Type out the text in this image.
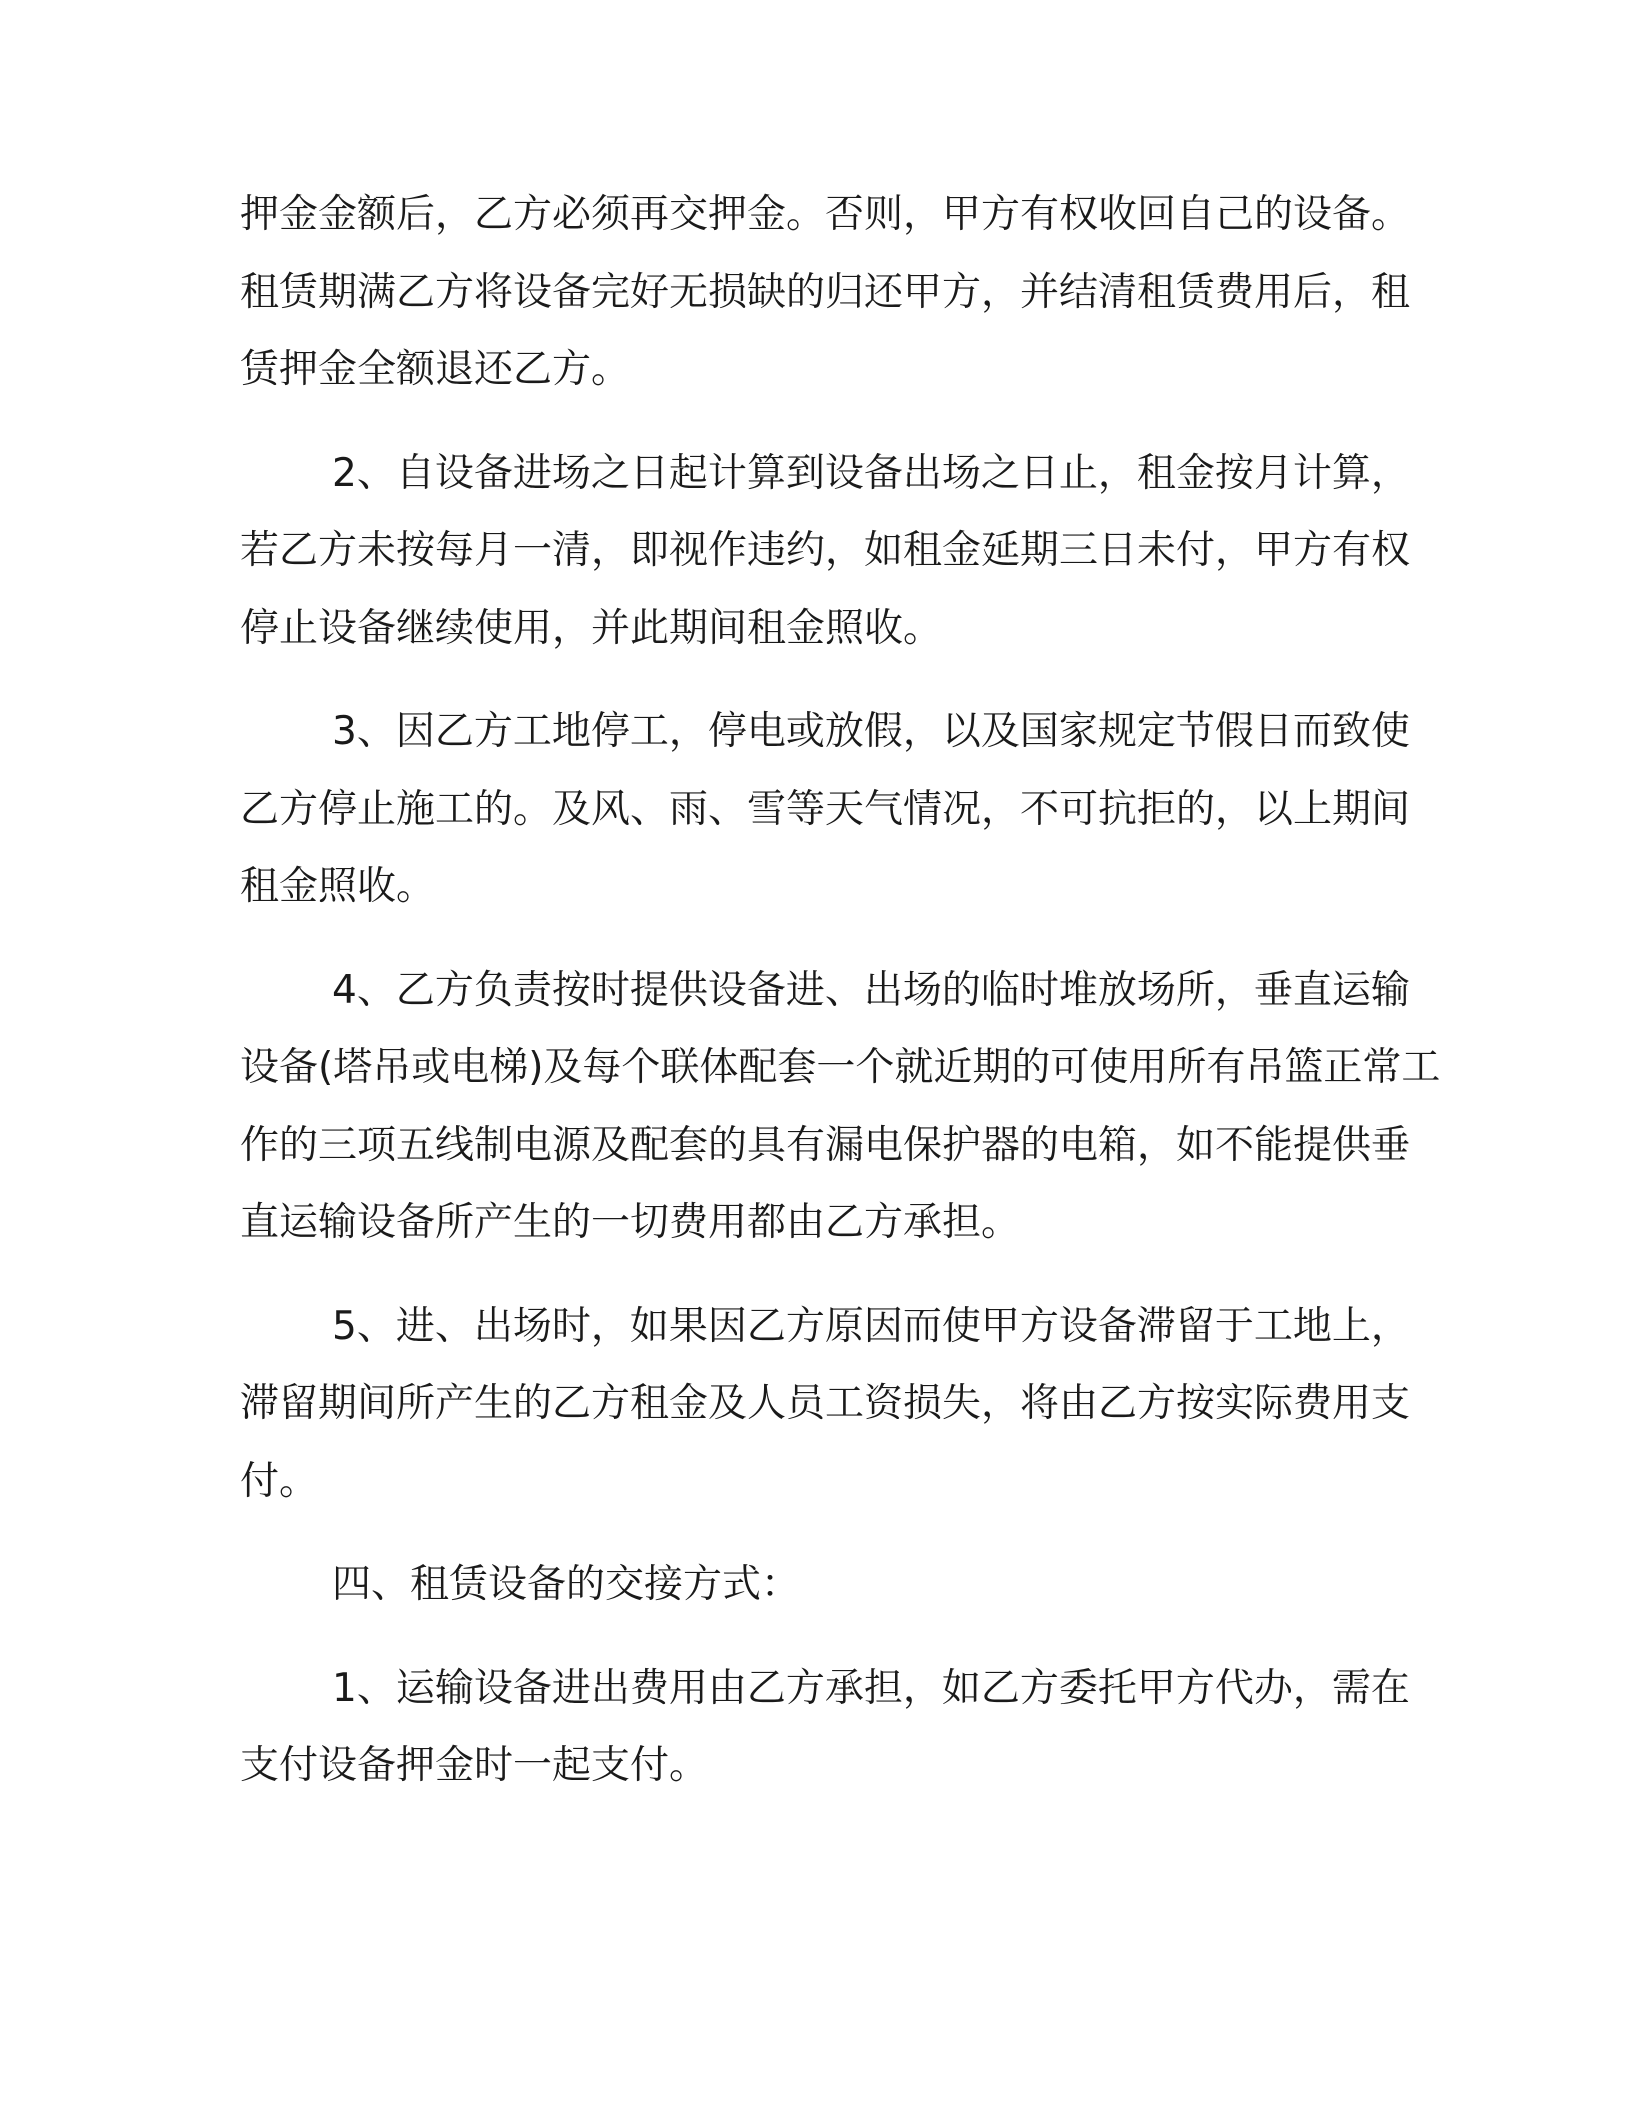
押金金额后，乙方必须再交押金。否则，甲方有权收回自己的设备。
租赁期满乙方将设备完好无损缺的归还甲方，并结清租赁费用后，租
赁押金全额退还乙方。
2、自设备进场之日起计算到设备出场之日止，租金按月计算，
若乙方未按每月一清，即视作违约，如租金延期三日未付，甲方有权
停止设备继续使用，并此期间租金照收。
3、因乙方工地停工，停电或放假，以及国家规定节假日而致使
乙方停止施工的。及风、雨、雪等天气情况，不可抗拒的，以上期间
租金照收。
4、乙方负责按时提供设备进、出场的临时堆放场所，垂直运输
设备(塔吊或电梯)及每个联体配套一个就近期的可使用所有吊篮正常工
作的三项五线制电源及配套的具有漏电保护器的电箱，如不能提供垂
直运输设备所产生的一切费用都由乙方承担。
5、进、出场时，如果因乙方原因而使甲方设备滞留于工地上，
滞留期间所产生的乙方租金及人员工资损失，将由乙方按实际费用支
付。
四、租赁设备的交接方式：
1、运输设备进出费用由乙方承担，如乙方委托甲方代办，需在
支付设备押金时一起支付。
